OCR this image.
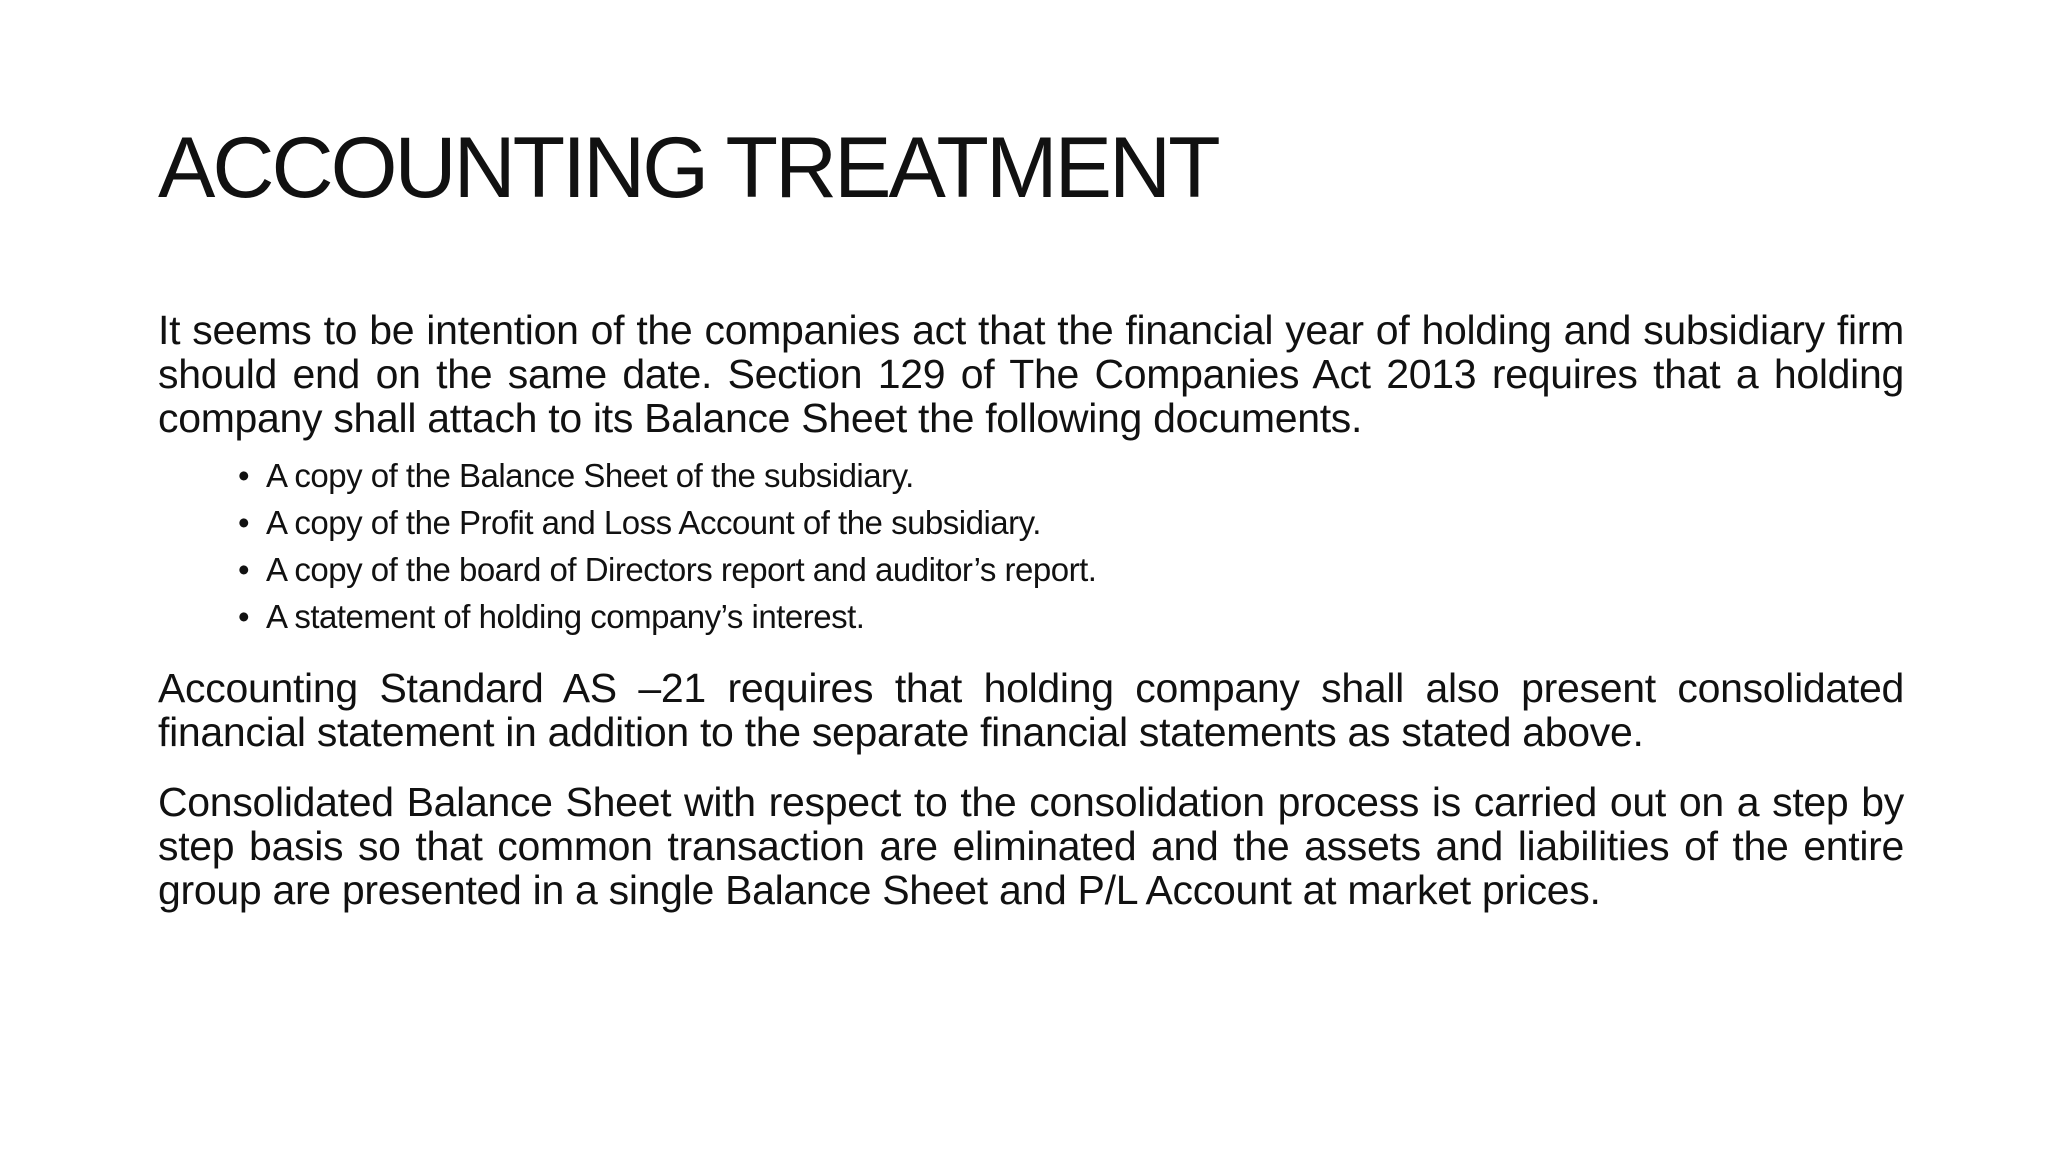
ACCOUNTING TREATMENT

It seems to be intention of the companies act that the financial year of holding and subsidiary firm should end on the same date. Section 129 of The Companies Act 2013 requires that a holding company shall attach to its Balance Sheet the following documents.

• A copy of the Balance Sheet of the subsidiary.
• A copy of the Profit and Loss Account of the subsidiary.
• A copy of the board of Directors report and auditor’s report.
• A statement of holding company’s interest.

Accounting Standard AS –21 requires that holding company shall also present consolidated financial statement in addition to the separate financial statements as stated above.

Consolidated Balance Sheet with respect to the consolidation process is carried out on a step by step basis so that common transaction are eliminated and the assets and liabilities of the entire group are presented in a single Balance Sheet and P/L Account at market prices.
